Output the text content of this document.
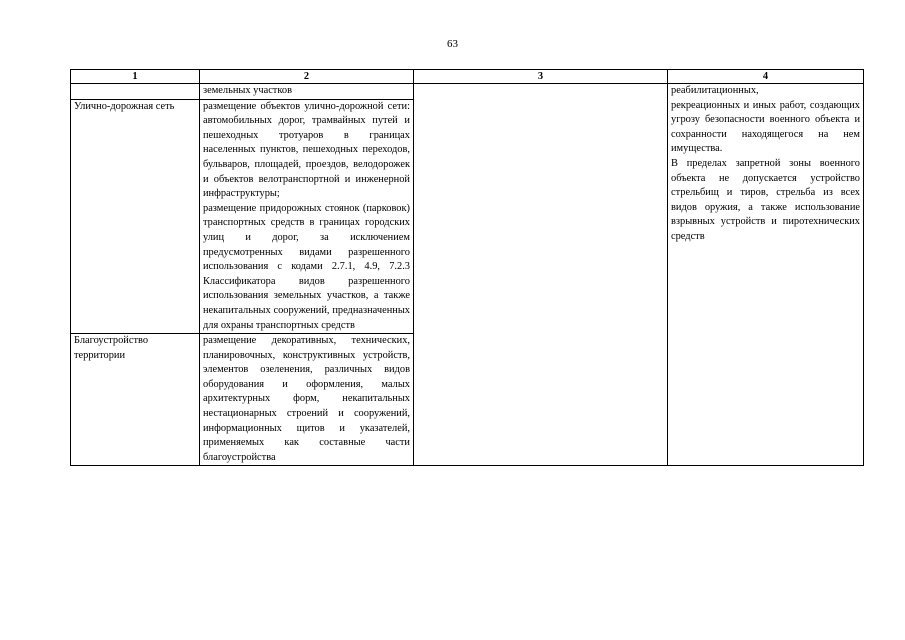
63
1	2	3	4

	земельных участков		реабилитационных,
рекреационных и иных работ, создающих угрозу безопасности военного объекта и сохранности находящегося на нем имущества.
В пределах запретной зоны военного объекта не допускается устройство стрельбищ и тиров, стрельба из всех видов оружия, а также использование взрывных устройств и пиротехнических средств

Улично-дорожная сеть	размещение объектов улично-дорожной сети: автомобильных дорог, трамвайных путей и пешеходных тротуаров в границах населенных пунктов, пешеходных переходов, бульваров, площадей, проездов, велодорожек и объектов велотранспортной и инженерной инфраструктуры;
размещение придорожных стоянок (парковок) транспортных средств в границах городских улиц и дорог, за исключением предусмотренных видами разрешенного использования с кодами 2.7.1, 4.9, 7.2.3 Классификатора видов разрешенного использования земельных участков, а также некапитальных сооружений, предназначенных для охраны транспортных средств		

Благоустройство территории	размещение декоративных, технических, планировочных, конструктивных устройств, элементов озеленения, различных видов оборудования и оформления, малых архитектурных форм, некапитальных нестационарных строений и сооружений, информационных щитов и указателей, применяемых как составные части благоустройства		
